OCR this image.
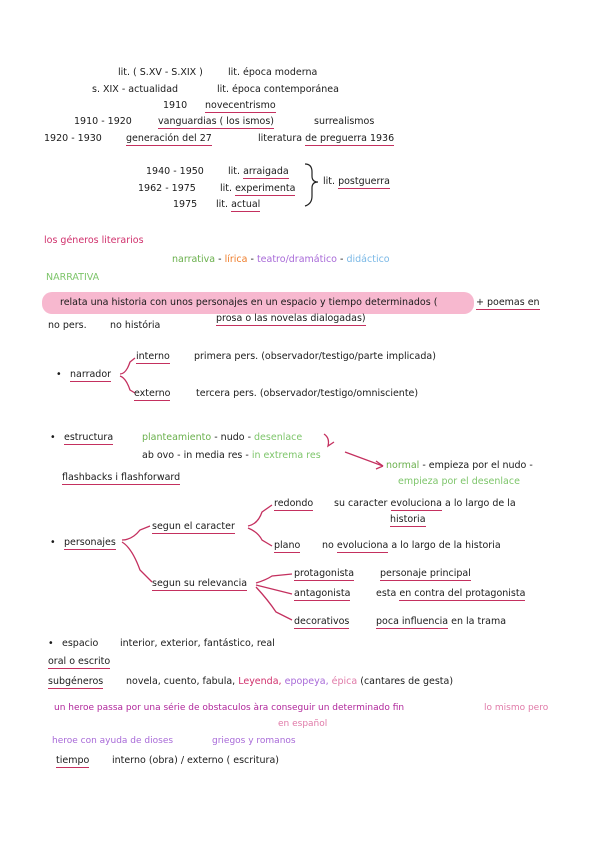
lit. ( S.XV - S.XIX )	lit. época moderna
s. XIX - actualidad	lit. época contemporánea
1910 novecentrismo
1910 - 1920	vanguardias ( los ismos)	surrealismos
1920 - 1930	generación del 27	literatura de preguerra 1936
1940 - 1950	lit. arraigada
1962 - 1975	lit. experimenta
1975 lit. actual
lit. postguerra
los géneros literarios
narrativa - lírica - teatro/dramático - didáctico
NARRATIVA
relata una historia con unos personajes en un espacio y tiempo determinados (	+ poemas en
prosa o las novelas dialogadas)
no pers. no história
• narrador
interno	primera pers. (observador/testigo/parte implicada)
externo	tercera pers. (observador/testigo/omnisciente)
• estructura	planteamiento - nudo - desenlace
ab ovo - in media res - in extrema res
normal - empieza por el nudo -
empieza por el desenlace
flashbacks i flashforward
• personajes
segun el caracter
redondo su caracter evoluciona a lo largo de la
historia
plano no evoluciona a lo largo de la historia
segun su relevancia
protagonista	personaje principal
antagonista	esta en contra del protagonista
decorativos	poca influencia en la trama
• espacio interior, exterior, fantástico, real
oral o escrito
subgéneros novela, cuento, fabula, Leyenda, epopeya, épica (cantares de gesta)
un heroe passa por una série de obstaculos àra conseguir un determinado fin	lo mismo pero
en español
heroe con ayuda de dioses	griegos y romanos
tiempo interno (obra) / externo ( escritura)
